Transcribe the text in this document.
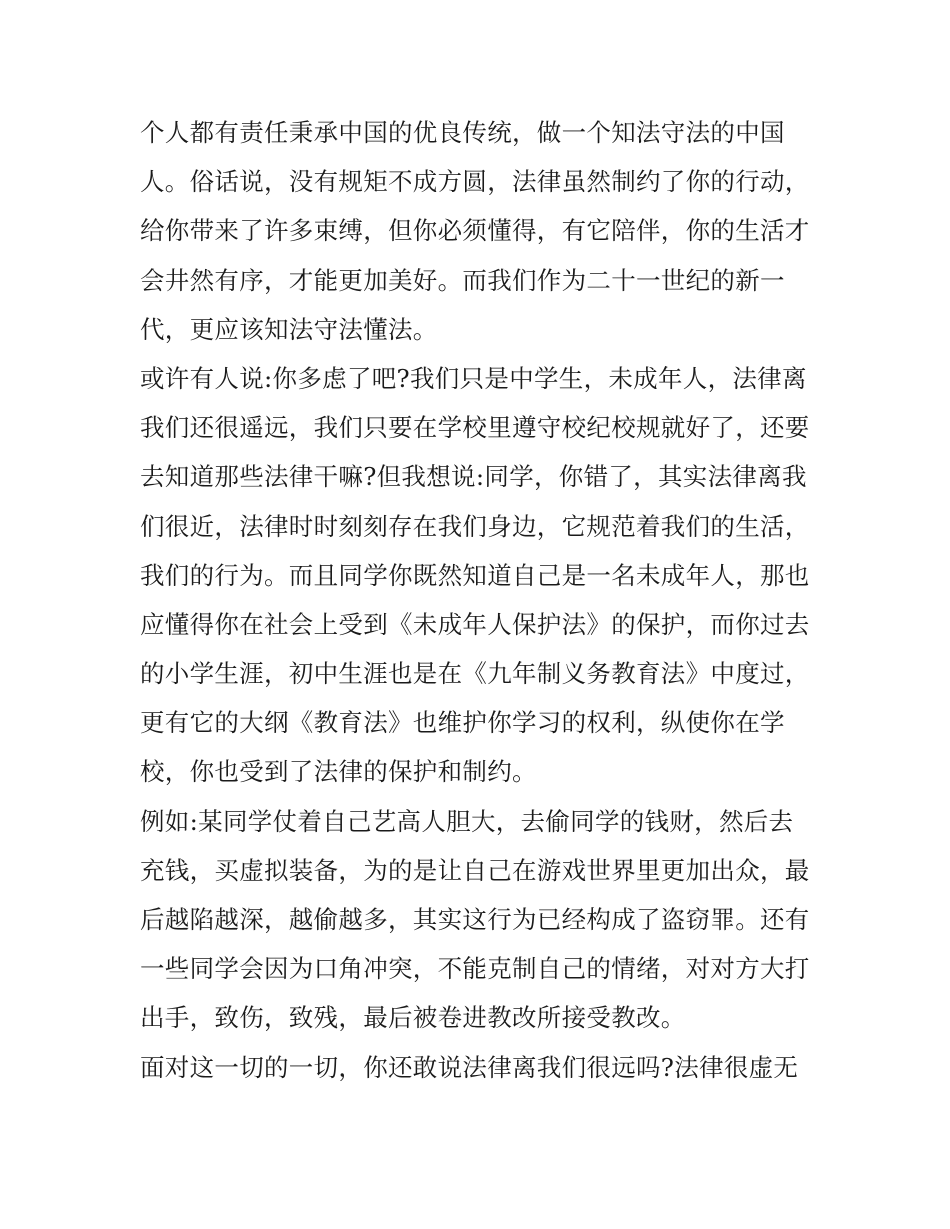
个人都有责任秉承中国的优良传统，做一个知法守法的中国
人。俗话说，没有规矩不成方圆，法律虽然制约了你的行动，
给你带来了许多束缚，但你必须懂得，有它陪伴，你的生活才
会井然有序，才能更加美好。而我们作为二十一世纪的新一
代，更应该知法守法懂法。
或许有人说:你多虑了吧?我们只是中学生，未成年人，法律离
我们还很遥远，我们只要在学校里遵守校纪校规就好了，还要
去知道那些法律干嘛?但我想说:同学，你错了，其实法律离我
们很近，法律时时刻刻存在我们身边，它规范着我们的生活，
我们的行为。而且同学你既然知道自己是一名未成年人，那也
应懂得你在社会上受到《未成年人保护法》的保护，而你过去
的小学生涯，初中生涯也是在《九年制义务教育法》中度过，
更有它的大纲《教育法》也维护你学习的权利，纵使你在学
校，你也受到了法律的保护和制约。
例如:某同学仗着自己艺高人胆大，去偷同学的钱财，然后去
充钱，买虚拟装备，为的是让自己在游戏世界里更加出众，最
后越陷越深，越偷越多，其实这行为已经构成了盗窃罪。还有
一些同学会因为口角冲突，不能克制自己的情绪，对对方大打
出手，致伤，致残，最后被卷进教改所接受教改。
面对这一切的一切，你还敢说法律离我们很远吗?法律很虚无
